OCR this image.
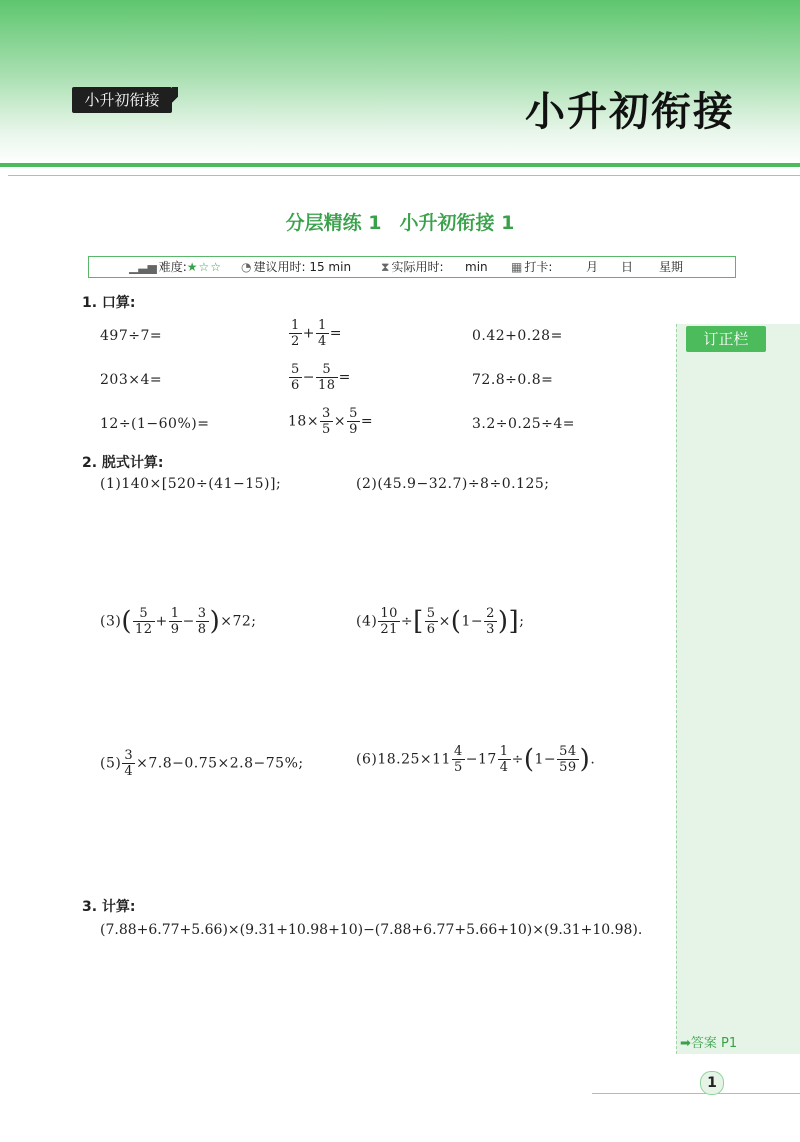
小升初衔接	小升初衔接
分层精练 1 小升初衔接 1
▁▃▅ 难度:★☆☆ ◔ 建议用时: 15 min ⧗ 实际用时: min ▦ 打卡:	月 日 星期
订正栏
➡答案 P1
1
1. 口算:
497÷7=	$\frac{1}{2} + \frac{1}{4}$ =	0.42+0.28=
203×4=	$\frac{5}{6} - \frac{5}{18}$ =	72.8÷0.8=
12÷(1−60%)=	$18\times \frac{3}{5} \times \frac{5}{9}$ =	3.2÷0.25÷4=
2. 脱式计算:
(1)140×[520÷(41−15)];	(2)(45.9−32.7)÷8÷0.125;
$(3)( \frac{5}{12} + \frac{1}{9} - \frac{3}{8} )\times 72$;	$(4) \frac{10}{21}$ ÷[ $\frac{5}{6} \times(1- \frac{2}{3}$ )];
$(5) \frac{3}{4} \times 7.8-0.75\times 2.8-75\%$;	$(6)18.25\times 11 \frac{4}{5} -17 \frac{1}{4} \div(1- \frac{54}{59}$ ).
3. 计算:
(7.88+6.77+5.66)×(9.31+10.98+10)−(7.88+6.77+5.66+10)×(9.31+10.98).
